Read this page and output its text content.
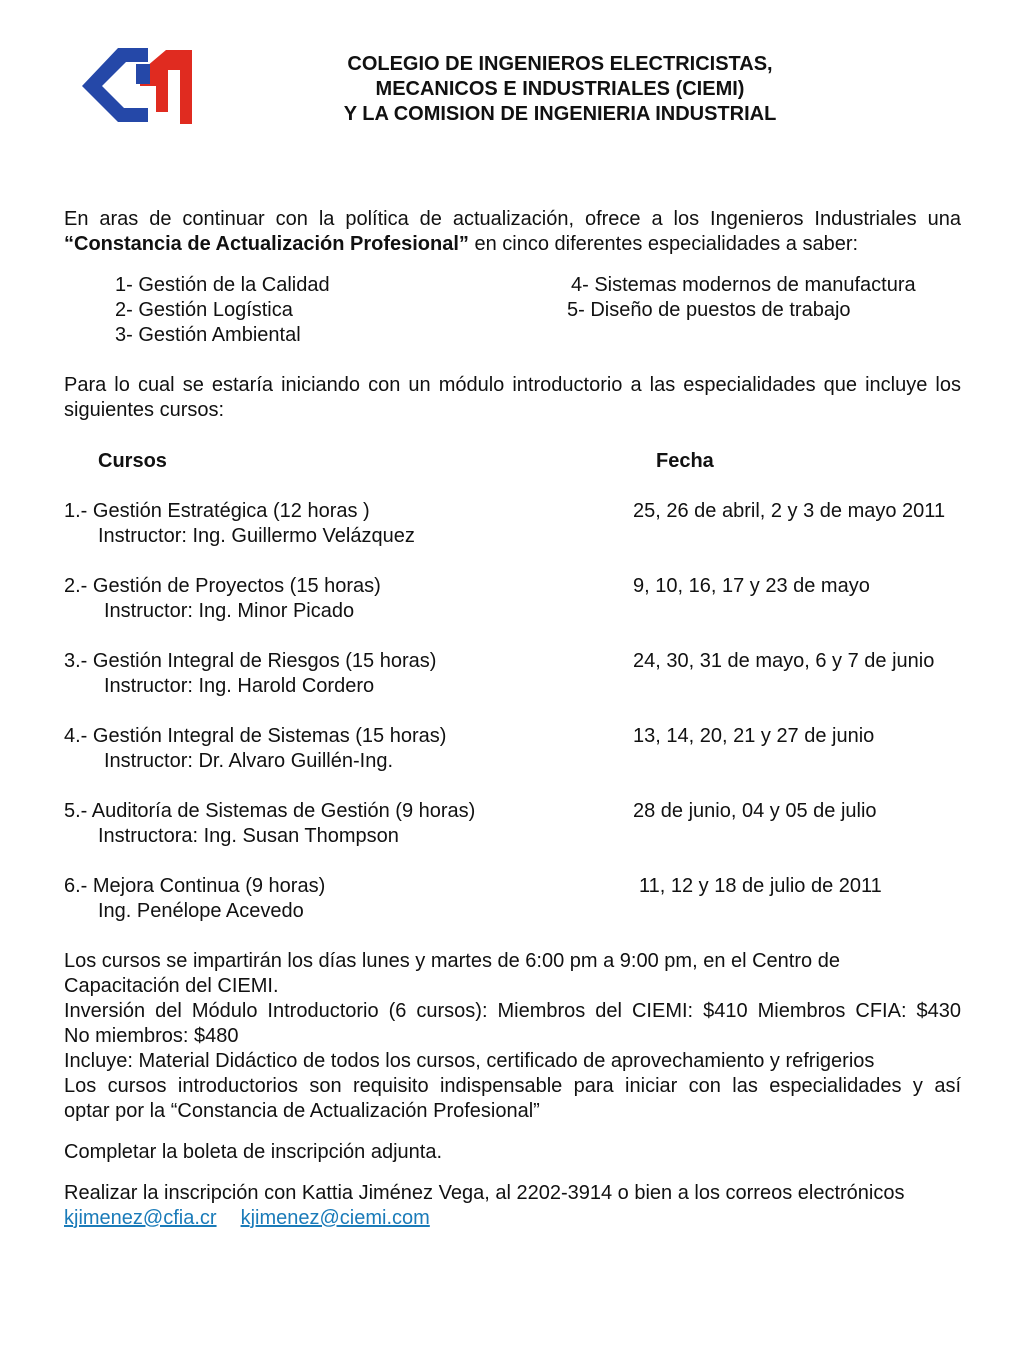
COLEGIO DE INGENIEROS ELECTRICISTAS,
MECANICOS E INDUSTRIALES (CIEMI)
Y LA COMISION DE INGENIERIA INDUSTRIAL
En aras de continuar con la política de actualización, ofrece a los Ingenieros Industriales una
“Constancia de Actualización Profesional” en cinco diferentes especialidades a saber:
1- Gestión de la Calidad
2- Gestión Logística
3- Gestión Ambiental
4- Sistemas modernos de manufactura
5- Diseño de puestos de trabajo
Para lo cual se estaría iniciando con un módulo introductorio a las especialidades que incluye los
siguientes cursos:
Cursos	Fecha
1.- Gestión Estratégica (12 horas )	25, 26 de abril, 2 y 3 de mayo 2011
Instructor: Ing. Guillermo Velázquez
2.- Gestión de Proyectos (15 horas)	9, 10, 16, 17 y 23 de mayo
Instructor: Ing. Minor Picado
3.- Gestión Integral de Riesgos (15 horas)	24, 30, 31 de mayo, 6 y 7 de junio
Instructor: Ing. Harold Cordero
4.- Gestión Integral de Sistemas (15 horas)	13, 14, 20, 21 y 27 de junio
Instructor: Dr. Alvaro Guillén-Ing.
5.- Auditoría de Sistemas de Gestión (9 horas)	28 de junio, 04 y 05 de julio
Instructora: Ing. Susan Thompson
6.- Mejora Continua (9 horas)	11, 12 y 18 de julio de 2011
Ing. Penélope Acevedo
Los cursos se impartirán los días lunes y martes de 6:00 pm a 9:00 pm, en el Centro de
Capacitación del CIEMI.
Inversión del Módulo Introductorio (6 cursos): Miembros del CIEMI: $410 Miembros CFIA: $430
No miembros: $480
Incluye: Material Didáctico de todos los cursos, certificado de aprovechamiento y refrigerios
Los cursos introductorios son requisito indispensable para iniciar con las especialidades y así
optar por la “Constancia de Actualización Profesional”
Completar la boleta de inscripción adjunta.
Realizar la inscripción con Kattia Jiménez Vega, al 2202-3914 o bien a los correos electrónicos
kjimenez@cfia.cr kjimenez@ciemi.com
